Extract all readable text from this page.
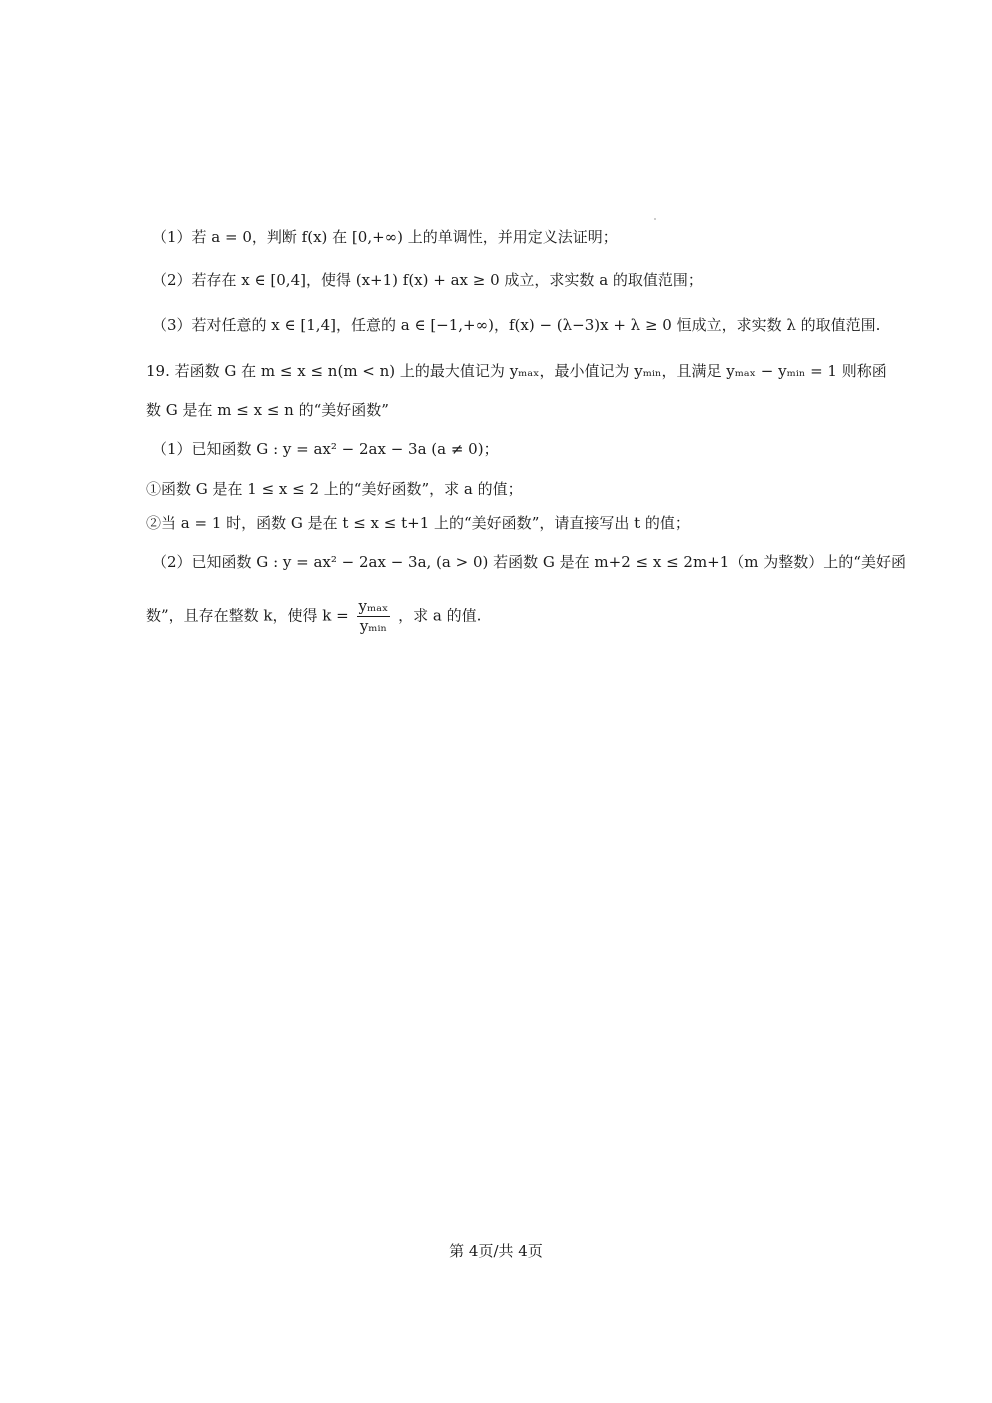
（1）若 a = 0，判断 f(x) 在 [0,+∞) 上的单调性，并用定义法证明；
（2）若存在 x ∈ [0,4]，使得 (x+1) f(x) + ax ≥ 0 成立，求实数 a 的取值范围；
（3）若对任意的 x ∈ [1,4]，任意的 a ∈ [−1,+∞)，f(x) − (λ−3)x + λ ≥ 0 恒成立，求实数 λ 的取值范围.
19. 若函数 G 在 m ≤ x ≤ n(m < n) 上的最大值记为 yₘₐₓ，最小值记为 yₘᵢₙ，且满足 yₘₐₓ − yₘᵢₙ = 1 则称函
数 G 是在 m ≤ x ≤ n 的“美好函数”
（1）已知函数 G : y = ax² − 2ax − 3a (a ≠ 0)；
①函数 G 是在 1 ≤ x ≤ 2 上的“美好函数”，求 a 的值；
②当 a = 1 时，函数 G 是在 t ≤ x ≤ t+1 上的“美好函数”，请直接写出 t 的值；
（2）已知函数 G : y = ax² − 2ax − 3a, (a > 0) 若函数 G 是在 m+2 ≤ x ≤ 2m+1（m 为整数）上的“美好函
数”，且存在整数 k，使得 $k = \frac{\text{yₘₐₓ}}{\text{yₘᵢₙ}}$ ，求 a 的值.
第 4页/共 4页
